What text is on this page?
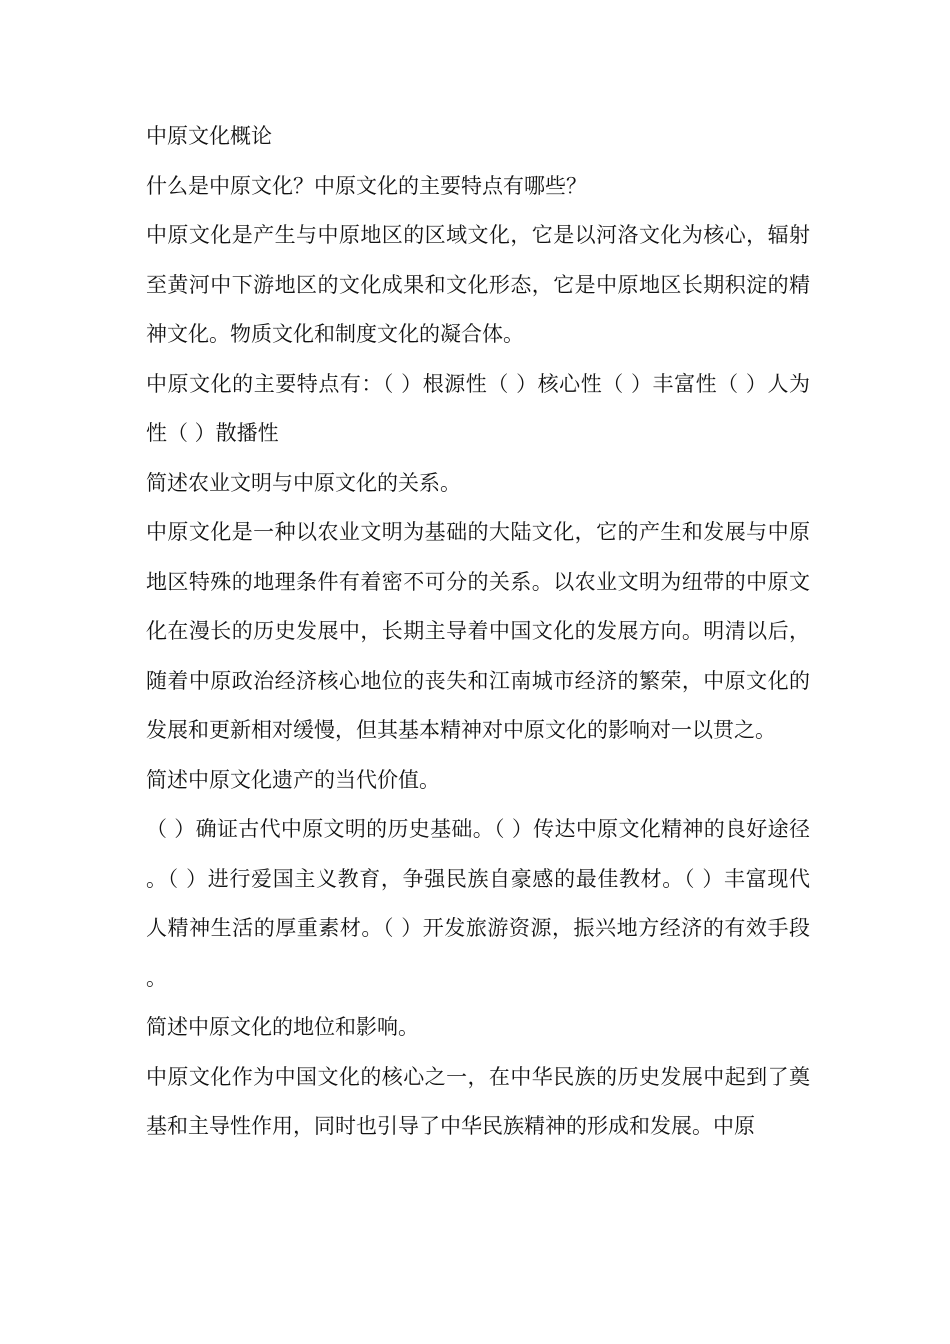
中原文化概论

什么是中原文化？中原文化的主要特点有哪些？

中原文化是产生与中原地区的区域文化，它是以河洛文化为核心，辐射至黄河中下游地区的文化成果和文化形态，它是中原地区长期积淀的精神文化。物质文化和制度文化的凝合体。

中原文化的主要特点有：（ ）根源性（ ）核心性（ ）丰富性（ ）人为性（ ）散播性

简述农业文明与中原文化的关系。

中原文化是一种以农业文明为基础的大陆文化，它的产生和发展与中原地区特殊的地理条件有着密不可分的关系。以农业文明为纽带的中原文化在漫长的历史发展中，长期主导着中国文化的发展方向。明清以后，随着中原政治经济核心地位的丧失和江南城市经济的繁荣，中原文化的发展和更新相对缓慢，但其基本精神对中原文化的影响对一以贯之。

简述中原文化遗产的当代价值。

（ ）确证古代中原文明的历史基础。（ ）传达中原文化精神的良好途径。（ ）进行爱国主义教育，争强民族自豪感的最佳教材。（ ）丰富现代人精神生活的厚重素材。（ ）开发旅游资源，振兴地方经济的有效手段。

简述中原文化的地位和影响。

中原文化作为中国文化的核心之一，在中华民族的历史发展中起到了奠基和主导性作用，同时也引导了中华民族精神的形成和发展。中原
